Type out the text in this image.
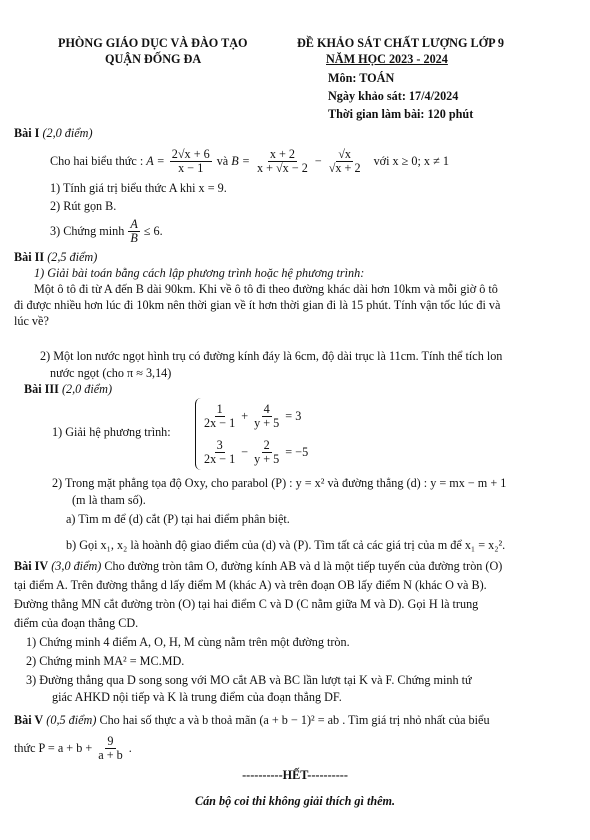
PHÒNG GIÁO DỤC VÀ ĐÀO TẠO
QUẬN ĐỐNG ĐA
ĐỀ KHẢO SÁT CHẤT LƯỢNG LỚP 9
NĂM HỌC 2023 - 2024
Môn: TOÁN
Ngày khảo sát: 17/4/2024
Thời gian làm bài: 120 phút
Bài I (2,0 điểm)
Cho hai biểu thức : $A = \frac{2√x + 6}{x - 1}$ và $B = \frac{x + 2}{x + √x - 2} - \frac{√x}{√x + 2}$ với x ≥ 0; x ≠ 1
1) Tính giá trị biểu thức A khi x = 9.
2) Rút gọn B.
3) Chứng minh $\frac{A}{B} \le 6$.
Bài II (2,5 điểm)
1) Giải bài toán bằng cách lập phương trình hoặc hệ phương trình:
Một ô tô đi từ A đến B dài 90km. Khi về ô tô đi theo đường khác dài hơn 10km và mỗi giờ ô tô
đi được nhiều hơn lúc đi 10km nên thời gian về ít hơn thời gian đi là 15 phút. Tính vận tốc lúc đi và
lúc về?
2) Một lon nước ngọt hình trụ có đường kính đáy là 6cm, độ dài trục là 11cm. Tính thể tích lon
nước ngọt (cho π ≈ 3,14)
Bài III (2,0 điểm)
1) Giải hệ phương trình:
$\frac{1}{2x - 1} + \frac{4}{y + 5} = 3$
$\frac{3}{2x - 1} - \frac{2}{y + 5} = -5$
2) Trong mặt phẳng tọa độ Oxy, cho parabol (P) : y = x² và đường thẳng (d) : y = mx − m + 1
(m là tham số).
a) Tìm m để (d) cắt (P) tại hai điểm phân biệt.
b) Gọi x₁, x₂ là hoành độ giao điểm của (d) và (P). Tìm tất cả các giá trị của m để x₁ = x₂².
Bài IV (3,0 điểm) Cho đường tròn tâm O, đường kính AB và d là một tiếp tuyến của đường tròn (O)
tại điểm A. Trên đường thẳng d lấy điểm M (khác A) và trên đoạn OB lấy điểm N (khác O và B).
Đường thẳng MN cắt đường tròn (O) tại hai điểm C và D (C nằm giữa M và D). Gọi H là trung
điểm của đoạn thẳng CD.
1) Chứng minh 4 điểm A, O, H, M cùng nằm trên một đường tròn.
2) Chứng minh MA² = MC.MD.
3) Đường thẳng qua D song song với MO cắt AB và BC lần lượt tại K và F. Chứng minh tứ
giác AHKD nội tiếp và K là trung điểm của đoạn thẳng DF.
Bài V (0,5 điểm) Cho hai số thực a và b thoả mãn (a + b − 1)² = ab . Tìm giá trị nhỏ nhất của biểu
thức $P = a + b + \frac{9}{a + b}$ .
----------HẾT----------
Cán bộ coi thi không giải thích gì thêm.
